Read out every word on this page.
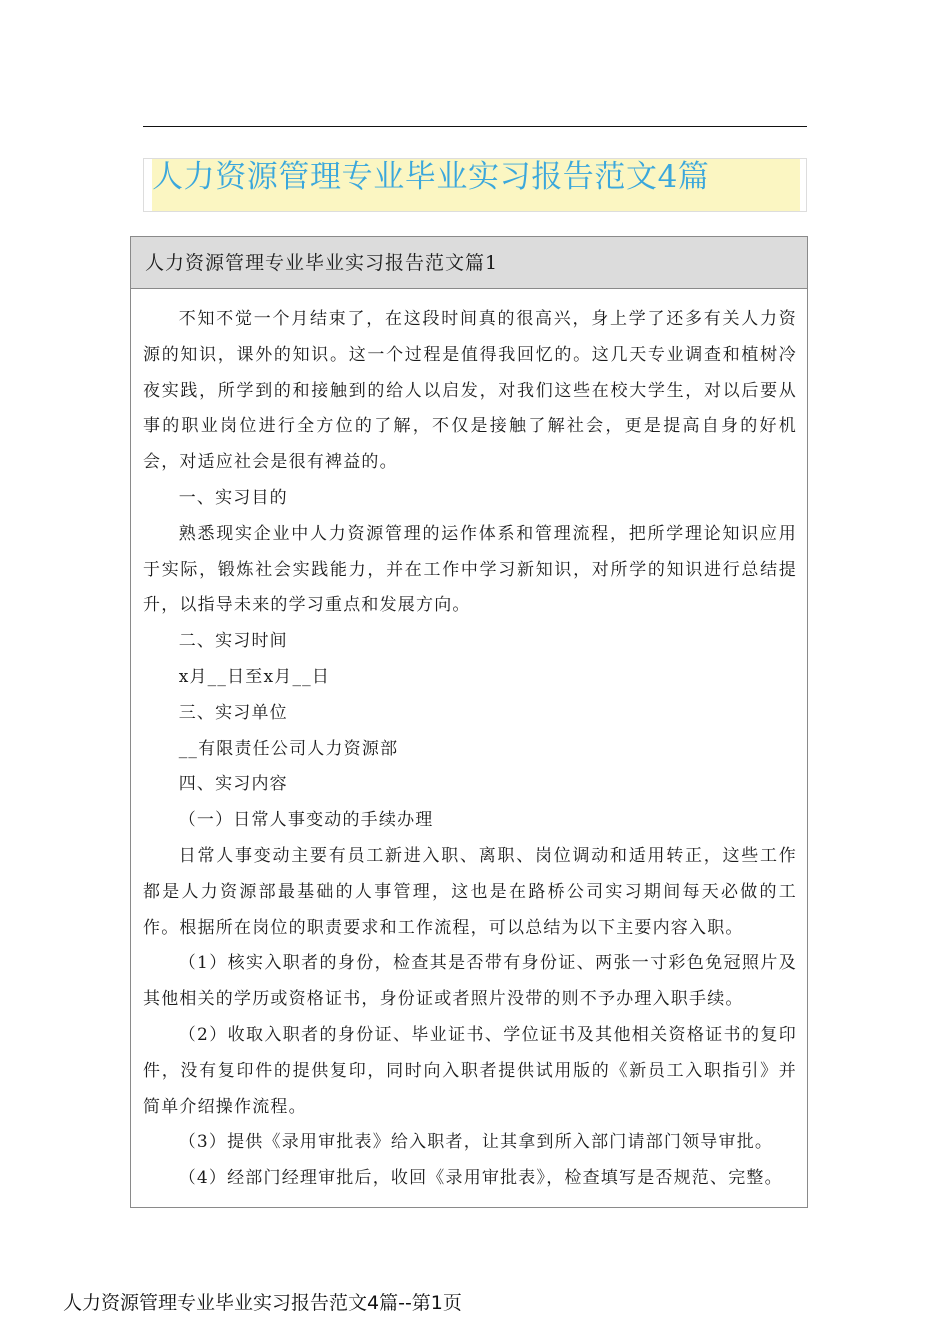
人力资源管理专业毕业实习报告范文4篇
人力资源管理专业毕业实习报告范文篇1

不知不觉一个月结束了，在这段时间真的很高兴，身上学了还多有关人力资源的知识，课外的知识。这一个过程是值得我回忆的。这几天专业调查和植树冷夜实践，所学到的和接触到的给人以启发，对我们这些在校大学生，对以后要从事的职业岗位进行全方位的了解，不仅是接触了解社会，更是提高自身的好机会，对适应社会是很有裨益的。

一、实习目的

熟悉现实企业中人力资源管理的运作体系和管理流程，把所学理论知识应用于实际，锻炼社会实践能力，并在工作中学习新知识，对所学的知识进行总结提升，以指导未来的学习重点和发展方向。

二、实习时间

x月__日至x月__日

三、实习单位

__有限责任公司人力资源部

四、实习内容

（一）日常人事变动的手续办理

日常人事变动主要有员工新进入职、离职、岗位调动和适用转正，这些工作都是人力资源部最基础的人事管理，这也是在路桥公司实习期间每天必做的工作。根据所在岗位的职责要求和工作流程，可以总结为以下主要内容入职。

（1）核实入职者的身份，检查其是否带有身份证、两张一寸彩色免冠照片及其他相关的学历或资格证书，身份证或者照片没带的则不予办理入职手续。

（2）收取入职者的身份证、毕业证书、学位证书及其他相关资格证书的复印件，没有复印件的提供复印，同时向入职者提供试用版的《新员工入职指引》并简单介绍操作流程。

（3）提供《录用审批表》给入职者，让其拿到所入部门请部门领导审批。

（4）经部门经理审批后，收回《录用审批表》，检查填写是否规范、完整。

人力资源管理专业毕业实习报告范文4篇--第1页
